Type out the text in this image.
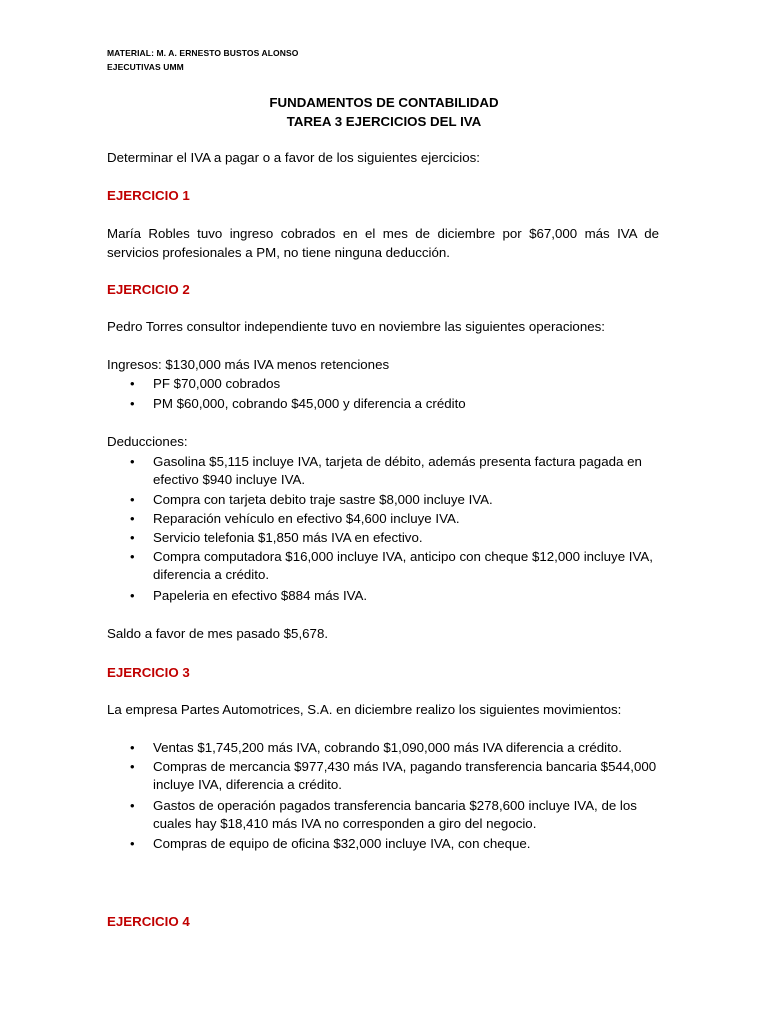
MATERIAL: M. A. ERNESTO BUSTOS ALONSO
EJECUTIVAS UMM
FUNDAMENTOS DE CONTABILIDAD
TAREA 3 EJERCICIOS DEL IVA
Determinar el IVA a pagar o a favor de los siguientes ejercicios:
EJERCICIO 1
María Robles tuvo ingreso cobrados en el mes de diciembre por $67,000 más IVA de servicios profesionales a PM, no tiene ninguna deducción.
EJERCICIO 2
Pedro Torres consultor independiente tuvo en noviembre las siguientes operaciones:
Ingresos: $130,000 más IVA menos retenciones
• PF $70,000 cobrados
• PM $60,000, cobrando $45,000 y diferencia a crédito
Deducciones:
• Gasolina $5,115 incluye IVA, tarjeta de débito, además presenta factura pagada en efectivo $940 incluye IVA.
• Compra con tarjeta debito traje sastre $8,000 incluye IVA.
• Reparación vehículo en efectivo $4,600 incluye IVA.
• Servicio telefonia $1,850 más IVA en efectivo.
• Compra computadora $16,000 incluye IVA, anticipo con cheque $12,000 incluye IVA, diferencia a crédito.
• Papeleria en efectivo $884 más IVA.
Saldo a favor de mes pasado $5,678.
EJERCICIO 3
La empresa Partes Automotrices, S.A. en diciembre realizo los siguientes movimientos:
• Ventas $1,745,200 más IVA, cobrando $1,090,000 más IVA diferencia a crédito.
• Compras de mercancia $977,430 más IVA, pagando transferencia bancaria $544,000 incluye IVA, diferencia a crédito.
• Gastos de operación pagados transferencia bancaria $278,600 incluye IVA, de los cuales hay $18,410 más IVA no corresponden a giro del negocio.
• Compras de equipo de oficina $32,000 incluye IVA, con cheque.
EJERCICIO 4
